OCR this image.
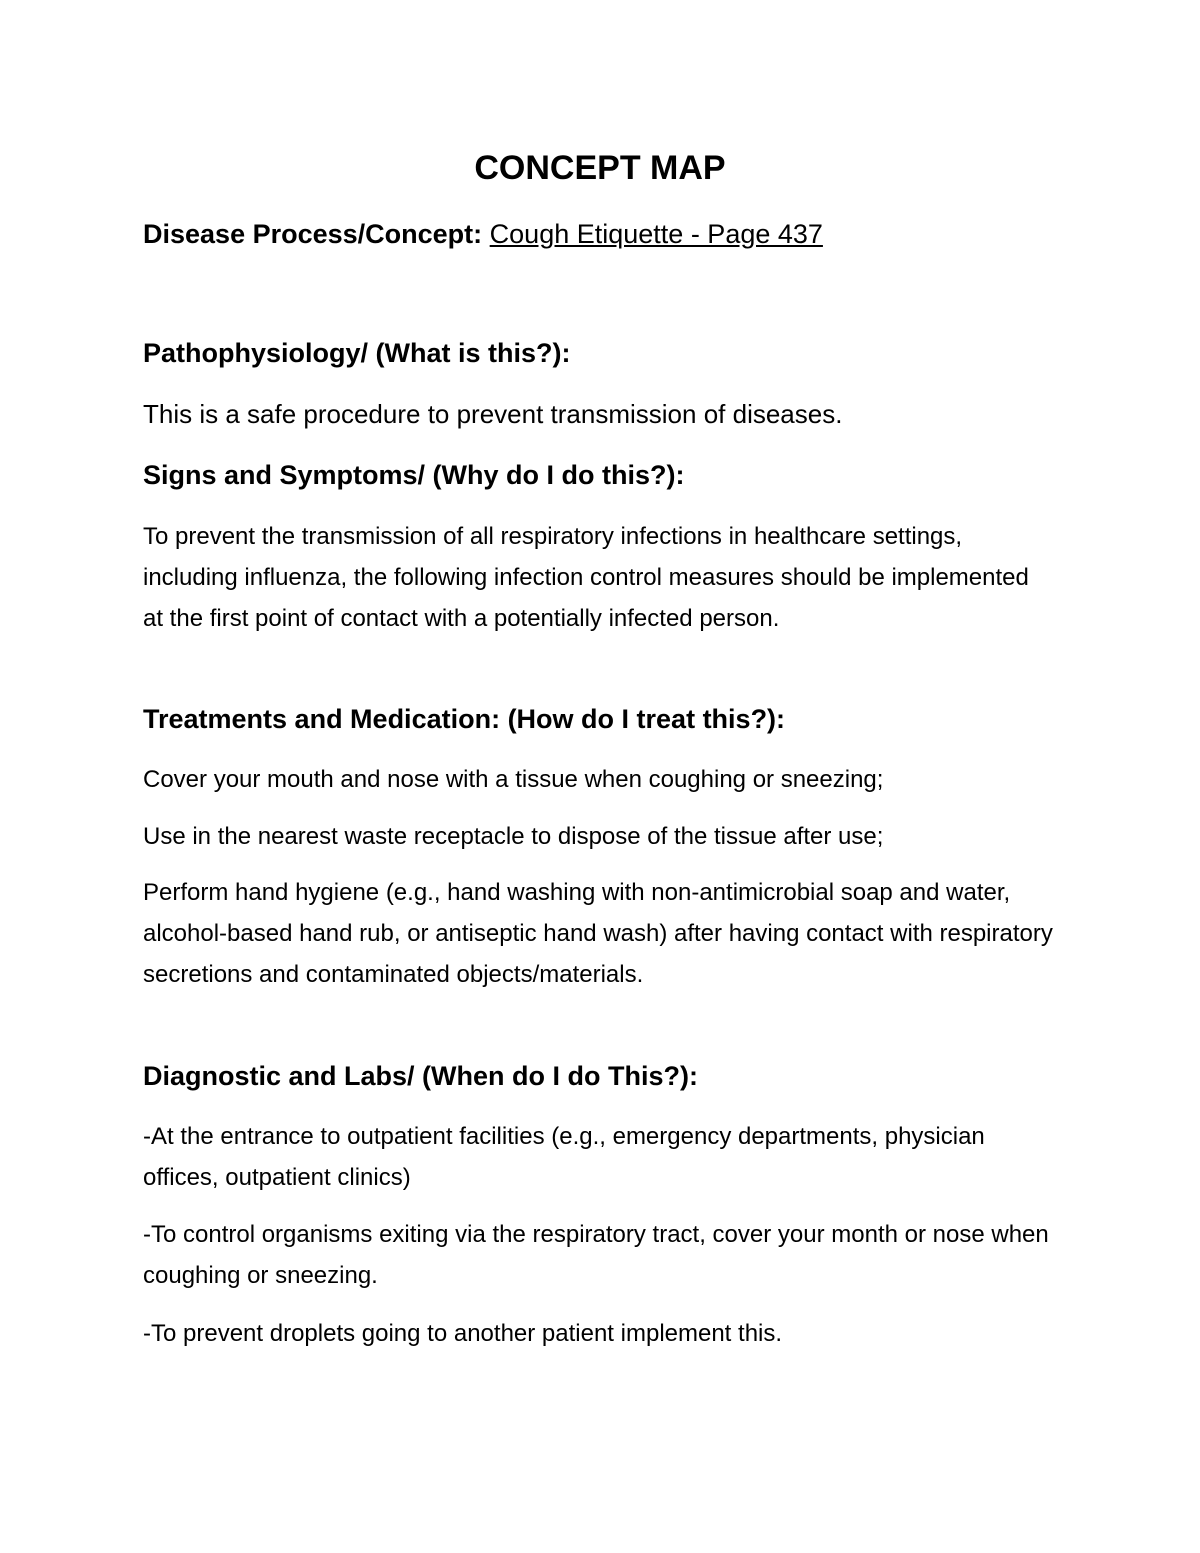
CONCEPT MAP
Disease Process/Concept: Cough Etiquette - Page 437
Pathophysiology/ (What is this?):
This is a safe procedure to prevent transmission of diseases.
Signs and Symptoms/ (Why do I do this?):
To prevent the transmission of all respiratory infections in healthcare settings, including influenza, the following infection control measures should be implemented at the first point of contact with a potentially infected person.
Treatments and Medication: (How do I treat this?):
Cover your mouth and nose with a tissue when coughing or sneezing;
Use in the nearest waste receptacle to dispose of the tissue after use;
Perform hand hygiene (e.g., hand washing with non-antimicrobial soap and water, alcohol-based hand rub, or antiseptic hand wash) after having contact with respiratory secretions and contaminated objects/materials.
Diagnostic and Labs/ (When do I do This?):
-At the entrance to outpatient facilities (e.g., emergency departments, physician offices, outpatient clinics)
-To control organisms exiting via the respiratory tract, cover your month or nose when coughing or sneezing.
-To prevent droplets going to another patient implement this.
